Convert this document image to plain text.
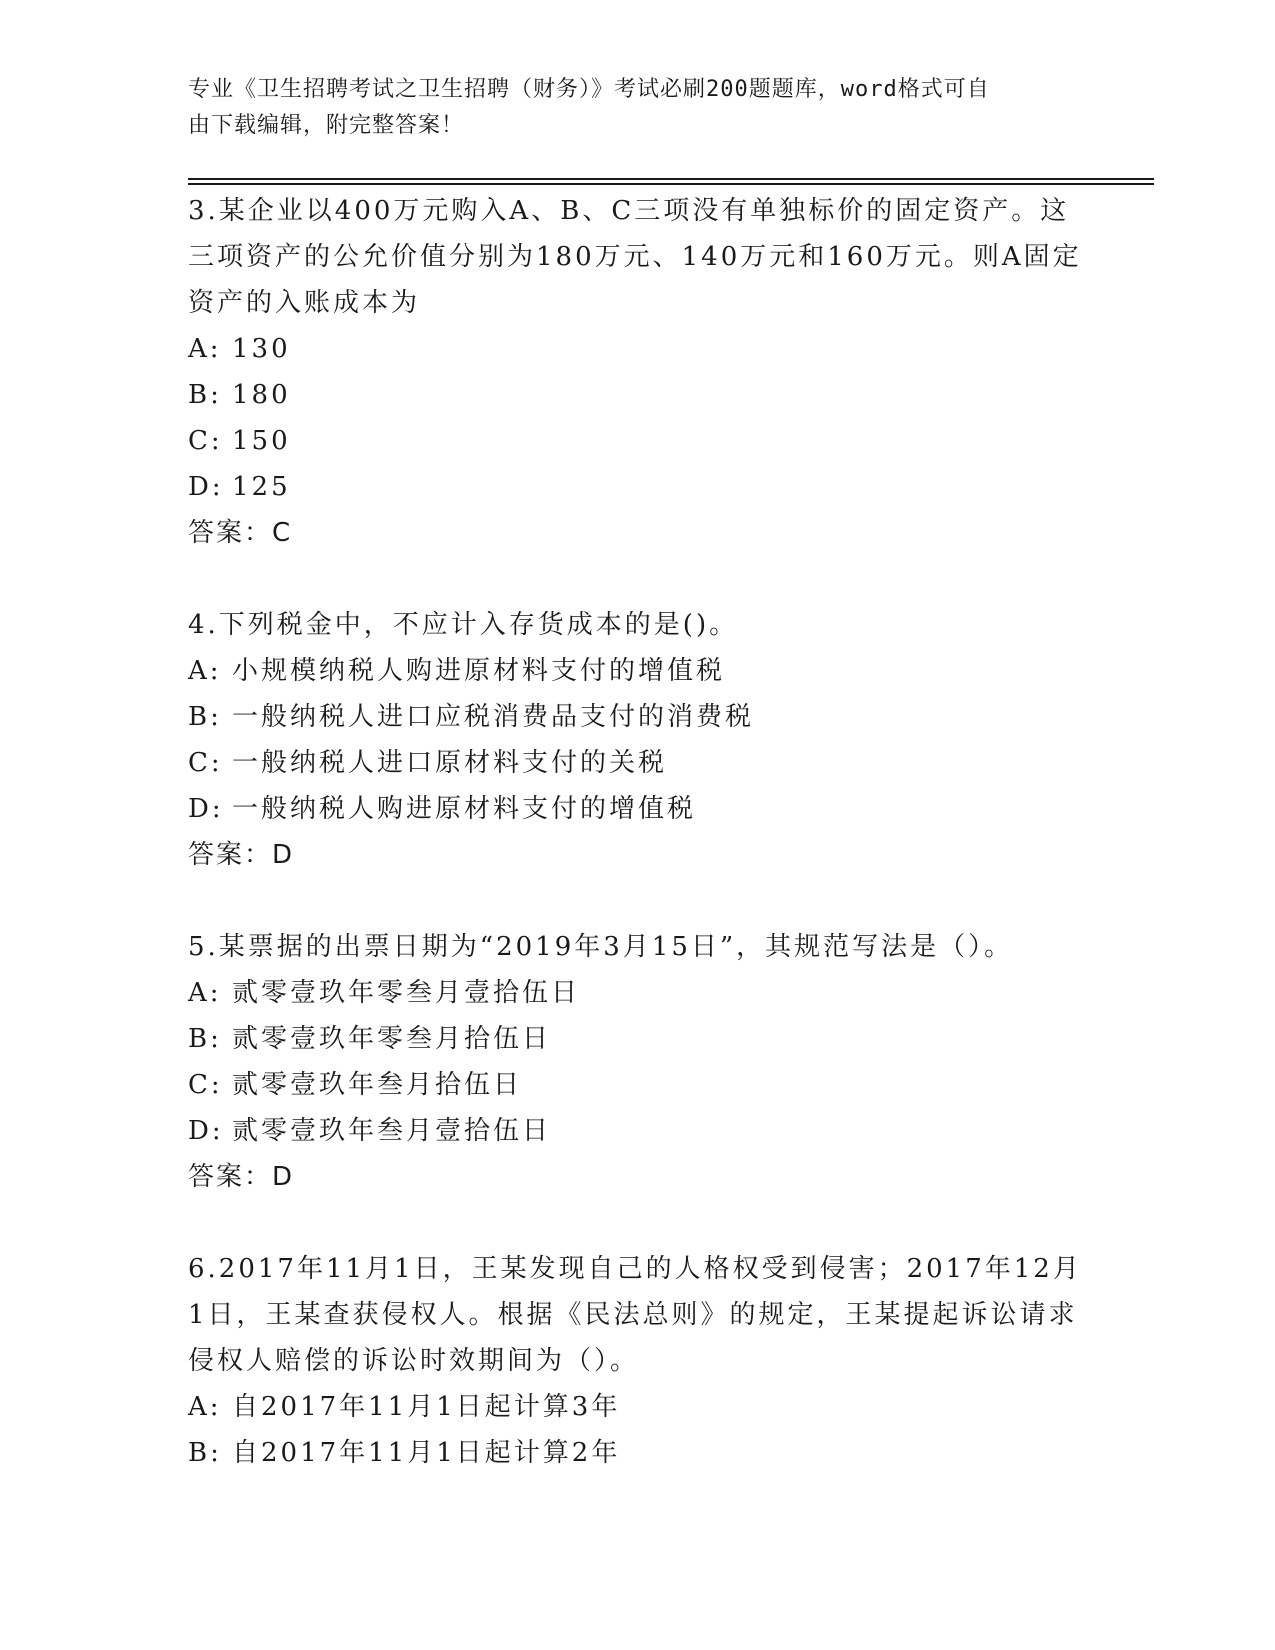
专业《卫生招聘考试之卫生招聘（财务）》考试必刷200题题库，word格式可自
由下载编辑，附完整答案！
3.某企业以400万元购入A、B、C三项没有单独标价的固定资产。这
三项资产的公允价值分别为180万元、140万元和160万元。则A固定
资产的入账成本为
A: 130
B: 180
C: 150
D: 125
答案：C
4.下列税金中，不应计入存货成本的是()。
A: 小规模纳税人购进原材料支付的增值税
B: 一般纳税人进口应税消费品支付的消费税
C: 一般纳税人进口原材料支付的关税
D: 一般纳税人购进原材料支付的增值税
答案：D
5.某票据的出票日期为“2019年3月15日”，其规范写法是（）。
A: 贰零壹玖年零叁月壹拾伍日
B: 贰零壹玖年零叁月拾伍日
C: 贰零壹玖年叁月拾伍日
D: 贰零壹玖年叁月壹拾伍日
答案：D
6.2017年11月1日，王某发现自己的人格权受到侵害；2017年12月
1日，王某查获侵权人。根据《民法总则》的规定，王某提起诉讼请求
侵权人赔偿的诉讼时效期间为（）。
A: 自2017年11月1日起计算3年
B: 自2017年11月1日起计算2年
